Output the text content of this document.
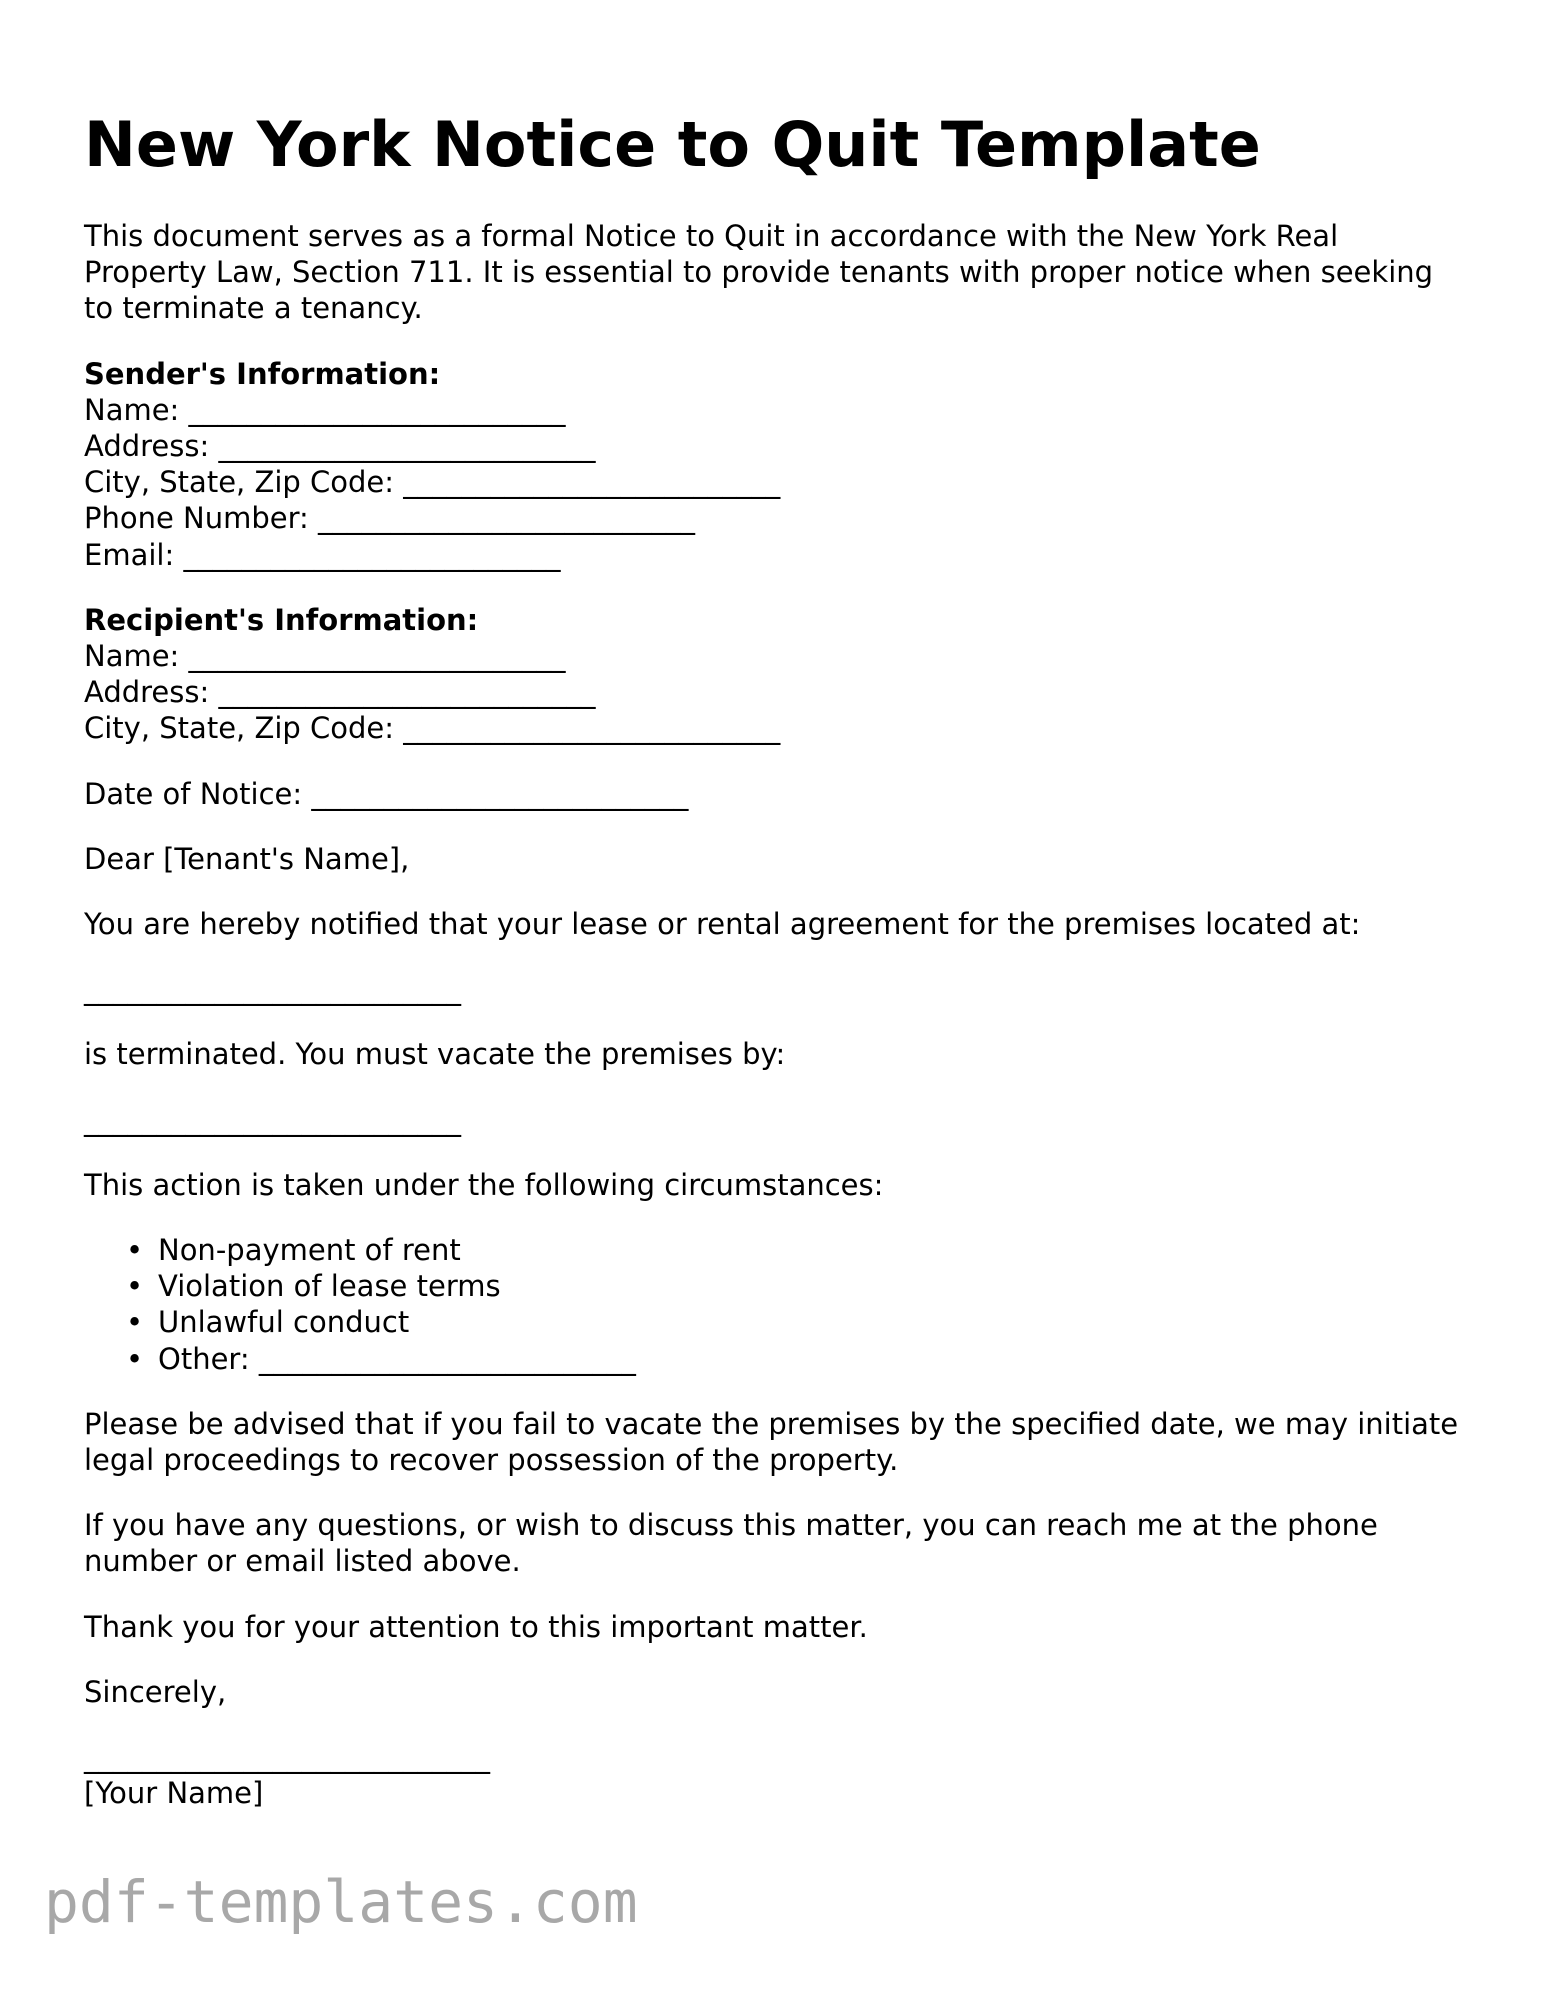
New York Notice to Quit Template

This document serves as a formal Notice to Quit in accordance with the New York Real Property Law, Section 711. It is essential to provide tenants with proper notice when seeking to terminate a tenancy.

Sender's Information:
Name: __________________________
Address: __________________________
City, State, Zip Code: __________________________
Phone Number: __________________________
Email: __________________________
Recipient's Information:
Name: __________________________
Address: __________________________
City, State, Zip Code: __________________________

Date of Notice: __________________________

Dear [Tenant's Name],

You are hereby notified that your lease or rental agreement for the premises located at:

__________________________

is terminated. You must vacate the premises by:

__________________________

This action is taken under the following circumstances:

• Non-payment of rent
• Violation of lease terms
• Unlawful conduct
• Other: __________________________

Please be advised that if you fail to vacate the premises by the specified date, we may initiate legal proceedings to recover possession of the property.

If you have any questions, or wish to discuss this matter, you can reach me at the phone number or email listed above.

Thank you for your attention to this important matter.

Sincerely,

____________________________
[Your Name]
pdf-templates.com
